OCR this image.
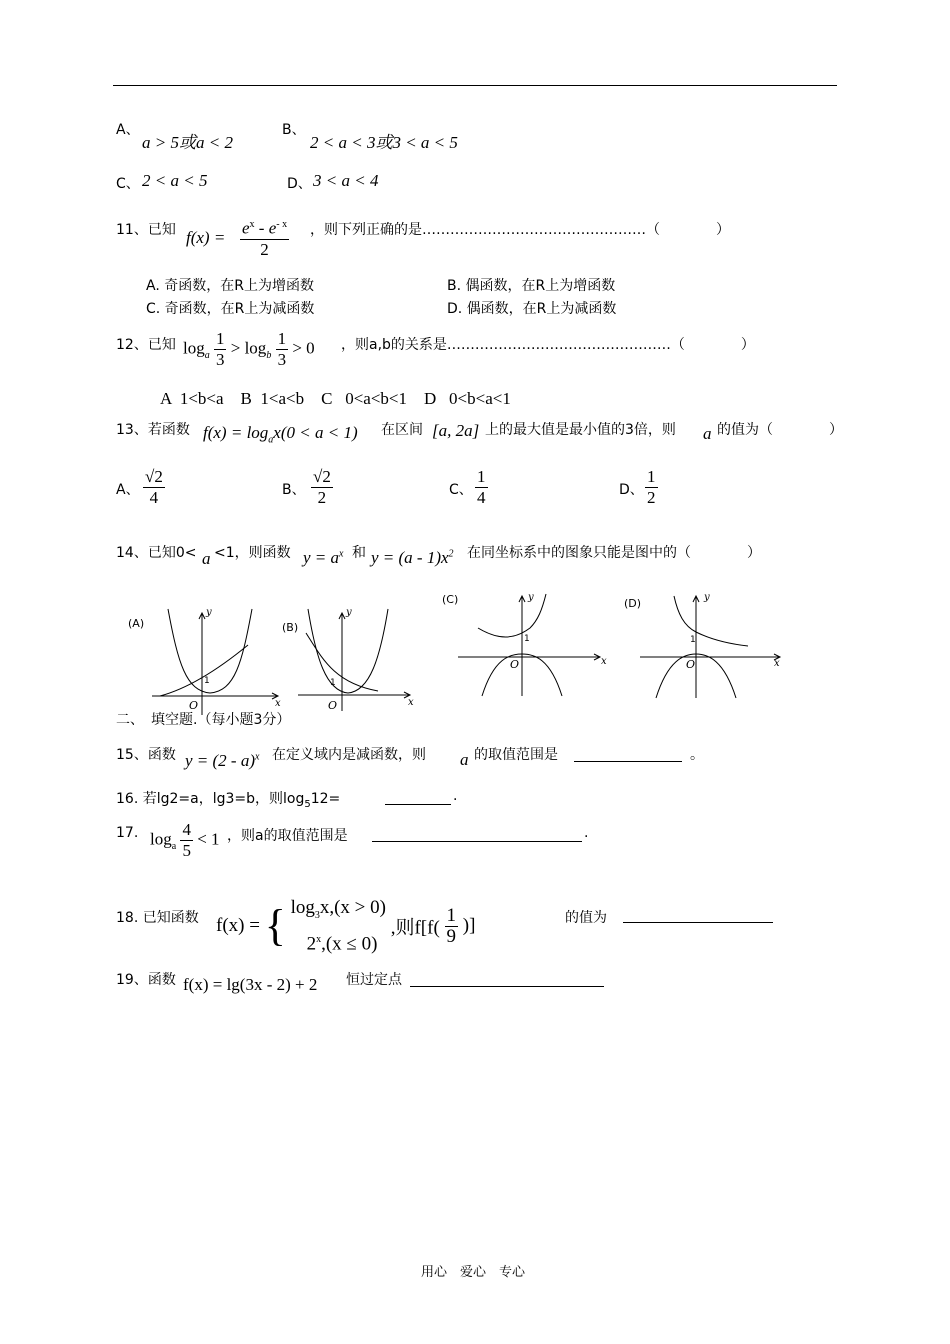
A、
a > 5或a < 2
B、
2 < a < 3或3 < a < 5
C、 2 < a < 5	D、 3 < a < 4
11、已知 $f(x) = \frac{e^x - e^{- x}}{2}$ ，则下列正确的是…………………………………………（　　　　）
A. 奇函数，在R上为增函数	B. 偶函数，在R上为增函数
C. 奇函数，在R上为减函数	D. 偶函数，在R上为减函数
12、已知 $\log_a \frac{1}{3} > \log_b \frac{1}{3} > 0$ ，则a,b的关系是…………………………………………（　　　　）
A  1<b<a    B  1<a<b    C   0<a<b<1    D   0<b<a<1
13、若函数 $f(x) = \log_ax(0 < a < 1)$ 在区间 [a, 2a] 上的最大值是最小值的3倍，则 a 的值为（　　　　）
A、 $\frac{√2}{4}$	B、 $\frac{√2}{2}$	C、 $\frac{1}{4}$	D、 $\frac{1}{2}$
14、已知0< a <1，则函数 $y = a^x$ 和 $y = (a - 1)x^2$ 在同坐标系中的图象只能是图中的（　　　　）
(A)
y
x
O
1
(B)
y
x
O
1
(C)	y
x
O
1
(D)	y
x
O
1
二、　填空题.（每小题3分）
15、函数 y = (2 - a)$^x$ 在定义域内是减函数，则 a 的取值范围是	。
16. 若lg2=a，lg3=b，则$\log_512=$	.
17. $\log_a \frac{4}{5} < 1$ ，则a的取值范围是	.
18. 已知函数 f(x) = { $\log_3x,(x > 0)$
$2^x,(x \le 0)$
,则$f[f( \frac{1}{9}$ )]	的值为
19、函数 f(x) = lg(3x - 2) + 2 恒过定点
用心　爱心　专心
